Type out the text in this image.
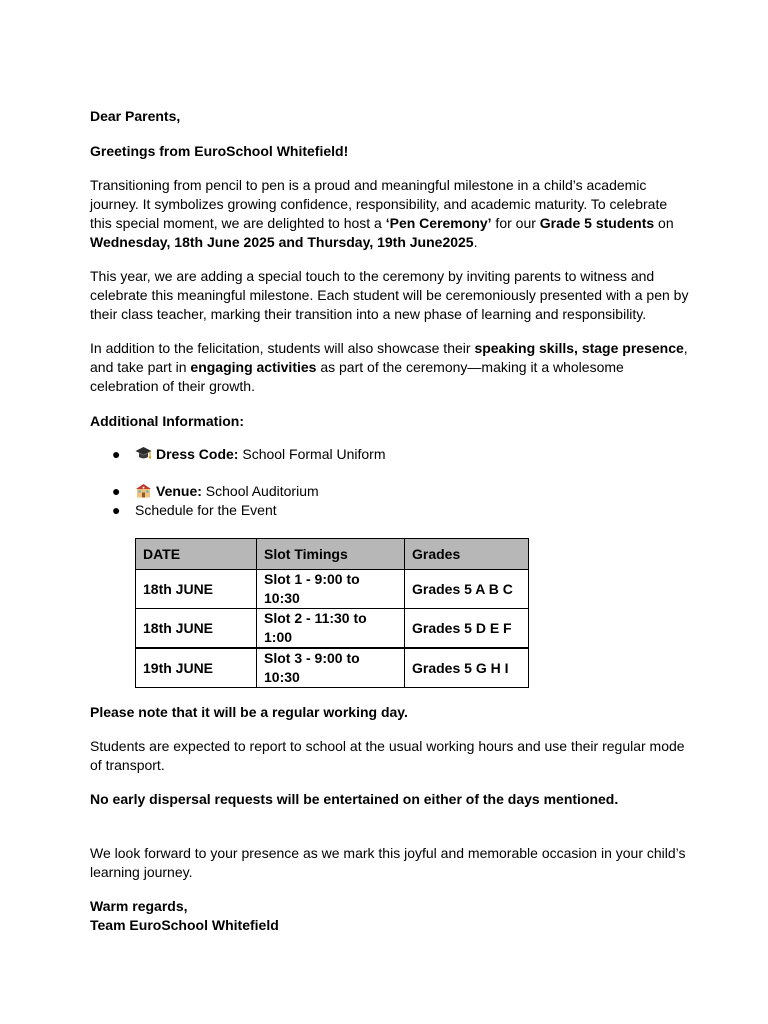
Dear Parents,

Greetings from EuroSchool Whitefield!

Transitioning from pencil to pen is a proud and meaningful milestone in a child’s academic journey. It symbolizes growing confidence, responsibility, and academic maturity. To celebrate this special moment, we are delighted to host a ‘Pen Ceremony’ for our Grade 5 students on Wednesday, 18th June 2025 and Thursday, 19th June2025.

This year, we are adding a special touch to the ceremony by inviting parents to witness and celebrate this meaningful milestone. Each student will be ceremoniously presented with a pen by their class teacher, marking their transition into a new phase of learning and responsibility.

In addition to the felicitation, students will also showcase their speaking skills, stage presence, and take part in engaging activities as part of the ceremony—making it a wholesome celebration of their growth.

Additional Information:

●	Dress Code: School Formal Uniform
●	Venue: School Auditorium
● Schedule for the Event
DATE	Slot Timings	Grades
18th JUNE	Slot 1 - 9:00 to 10:30	Grades 5 A B C
18th JUNE	Slot 2 - 11:30 to 1:00	Grades 5 D E F
19th JUNE	Slot 3 - 9:00 to 10:30	Grades 5 G H I

Please note that it will be a regular working day.

Students are expected to report to school at the usual working hours and use their regular mode of transport.

No early dispersal requests will be entertained on either of the days mentioned.

We look forward to your presence as we mark this joyful and memorable occasion in your child’s learning journey.

Warm regards,

Team EuroSchool Whitefield
